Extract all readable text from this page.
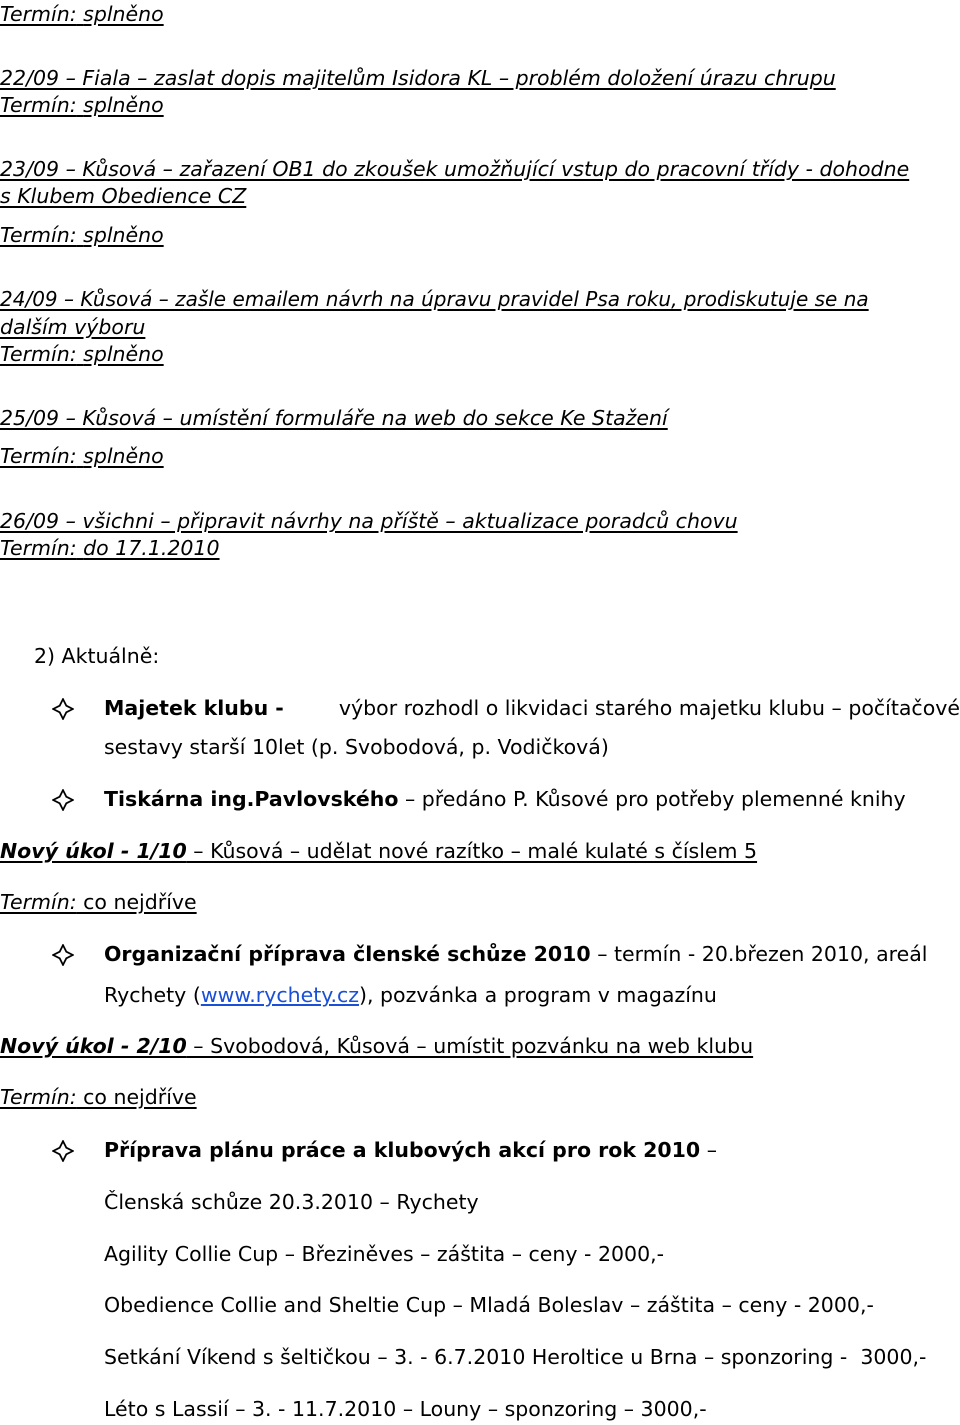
Termín: splněno
22/09 – Fiala – zaslat dopis majitelům Isidora KL – problém doložení úrazu chrupu
Termín: splněno
23/09 – Kůsová – zařazení OB1 do zkoušek umožňující vstup do pracovní třídy - dohodne
s Klubem Obedience CZ
Termín: splněno
24/09 – Kůsová – zašle emailem návrh na úpravu pravidel Psa roku, prodiskutuje se na
dalším výboru
Termín: splněno
25/09 – Kůsová – umístění formuláře na web do sekce Ke Stažení
Termín: splněno
26/09 – všichni – připravit návrhy na příště – aktualizace poradců chovu
Termín: do 17.1.2010
2) Aktuálně:
Majetek klubu - výbor rozhodl o likvidaci starého majetku klubu – počítačové
sestavy starší 10let (p. Svobodová, p. Vodičková)
Tiskárna ing.Pavlovského – předáno P. Kůsové pro potřeby plemenné knihy
Nový úkol - 1/10 – Kůsová – udělat nové razítko – malé kulaté s číslem 5
Termín: co nejdříve
Organizační příprava členské schůze 2010 – termín - 20.březen 2010, areál
Rychety (www.rychety.cz), pozvánka a program v magazínu
Nový úkol - 2/10 – Svobodová, Kůsová – umístit pozvánku na web klubu
Termín: co nejdříve
Příprava plánu práce a klubových akcí pro rok 2010 –
Členská schůze 20.3.2010 – Rychety
Agility Collie Cup – Březiněves – záštita – ceny - 2000,-
Obedience Collie and Sheltie Cup – Mladá Boleslav – záštita – ceny - 2000,-
Setkání Víkend s šeltičkou – 3. - 6.7.2010 Heroltice u Brna – sponzoring -  3000,-
Léto s Lassií – 3. - 11.7.2010 – Louny – sponzoring – 3000,-
